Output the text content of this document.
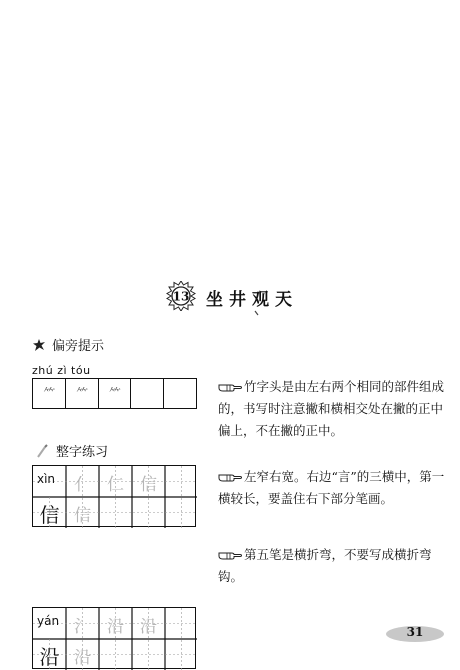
13 坐井观天
偏旁提示
zhú zì tóu
⺮	⺮	⺮	竹字头是由左右两个相同的部件组成的，书写时注意撇和横相交处在撇的正中偏上，不在撇的正中。
整字练习
xìn	亻 仁 信
信 信
左窄右宽。右边“言”的三横中，第一横较长，要盖住右下部分笔画。
yán 氵 沿 沿
沿 沿
第五笔是横折弯，不要写成横折弯钩。
31
